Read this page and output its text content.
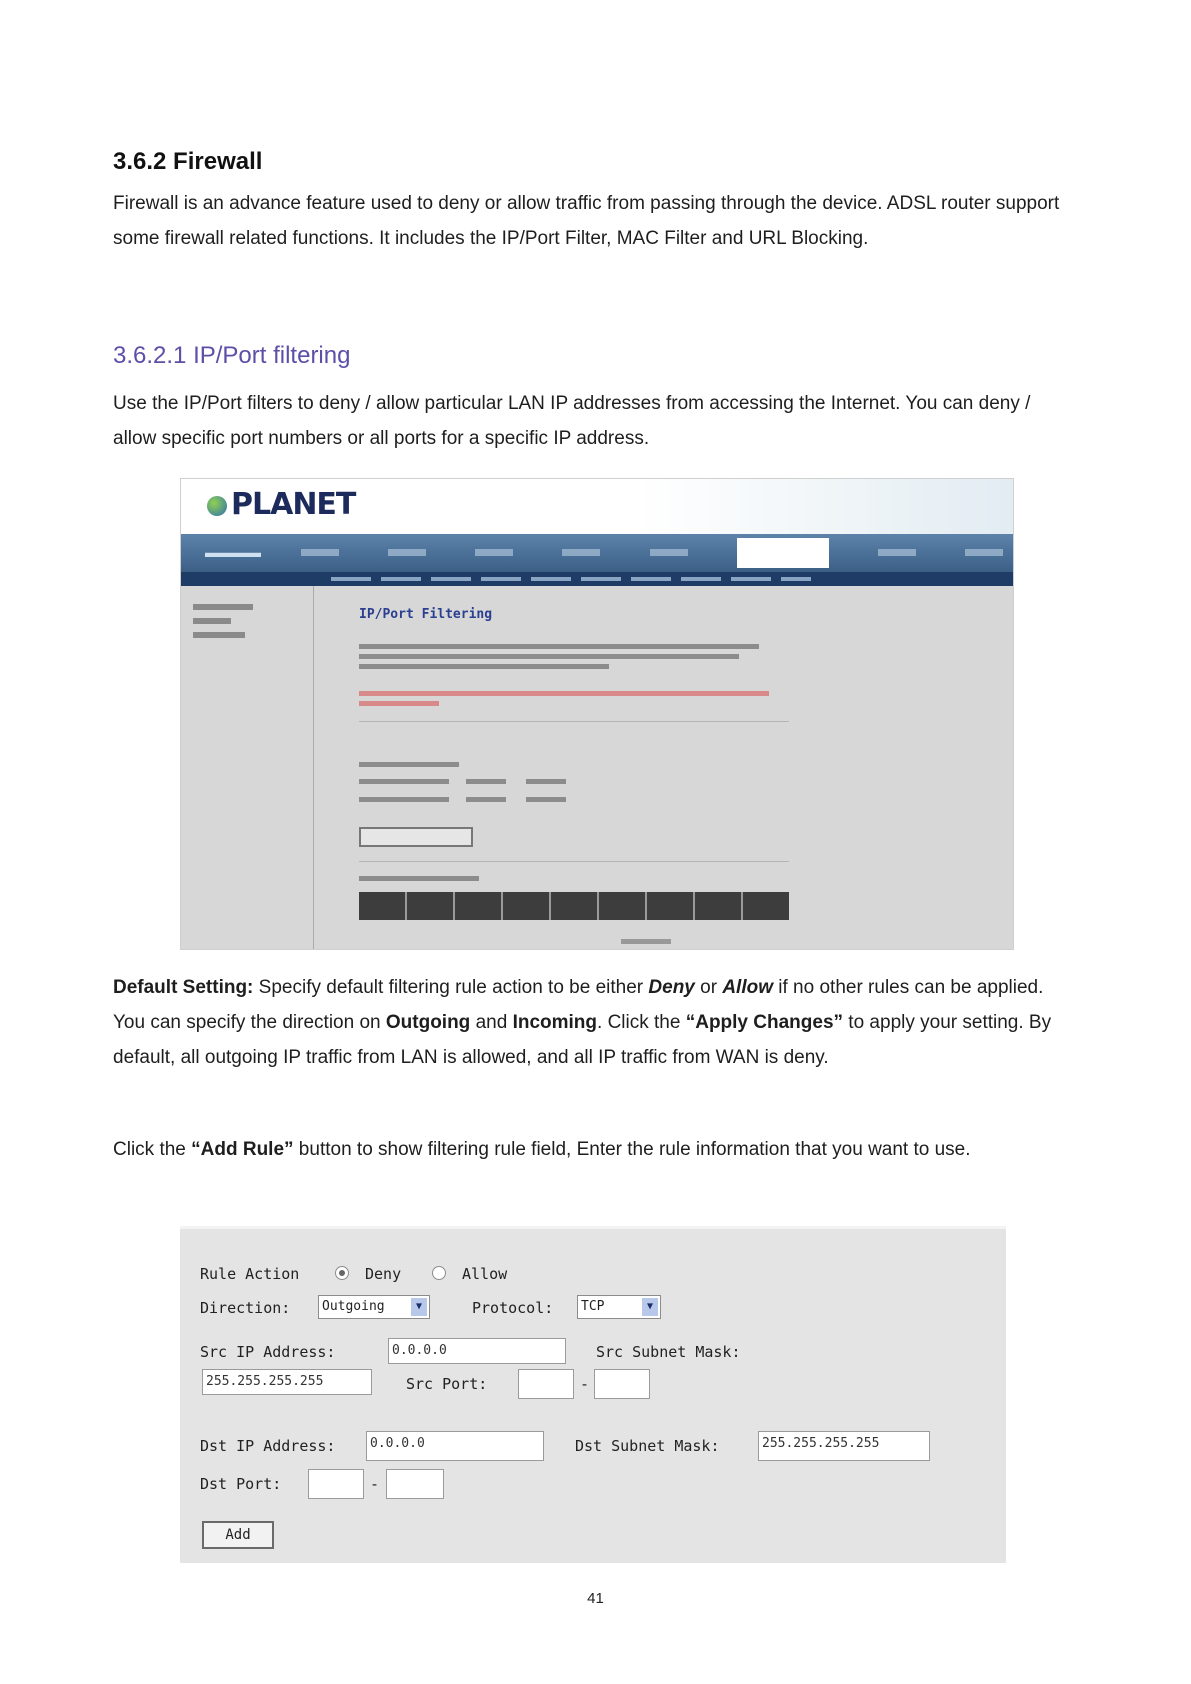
3.6.2 Firewall
Firewall is an advance feature used to deny or allow traffic from passing through the device. ADSL router support some firewall related functions. It includes the IP/Port Filter, MAC Filter and URL Blocking.
3.6.2.1 IP/Port filtering
Use the IP/Port filters to deny / allow particular LAN IP addresses from accessing the Internet. You can deny / allow specific port numbers or all ports for a specific IP address.
PLANET
▬▬▬▬
IP/Port Filtering
Default Setting: Specify default filtering rule action to be either Deny or Allow if no other rules can be applied. You can specify the direction on Outgoing and Incoming. Click the “Apply Changes” to apply your setting. By default, all outgoing IP traffic from LAN is allowed, and all IP traffic from WAN is deny.
Click the “Add Rule” button to show filtering rule field, Enter the rule information that you want to use.
Rule Action	Deny	Allow
Direction:	Outgoing	▼	Protocol:	TCP	▼
Src IP Address:	0.0.0.0	Src Subnet Mask:
255.255.255.255	Src Port:	-
Dst IP Address:	0.0.0.0	Dst Subnet Mask:	255.255.255.255
Dst Port:	-
Add
41
